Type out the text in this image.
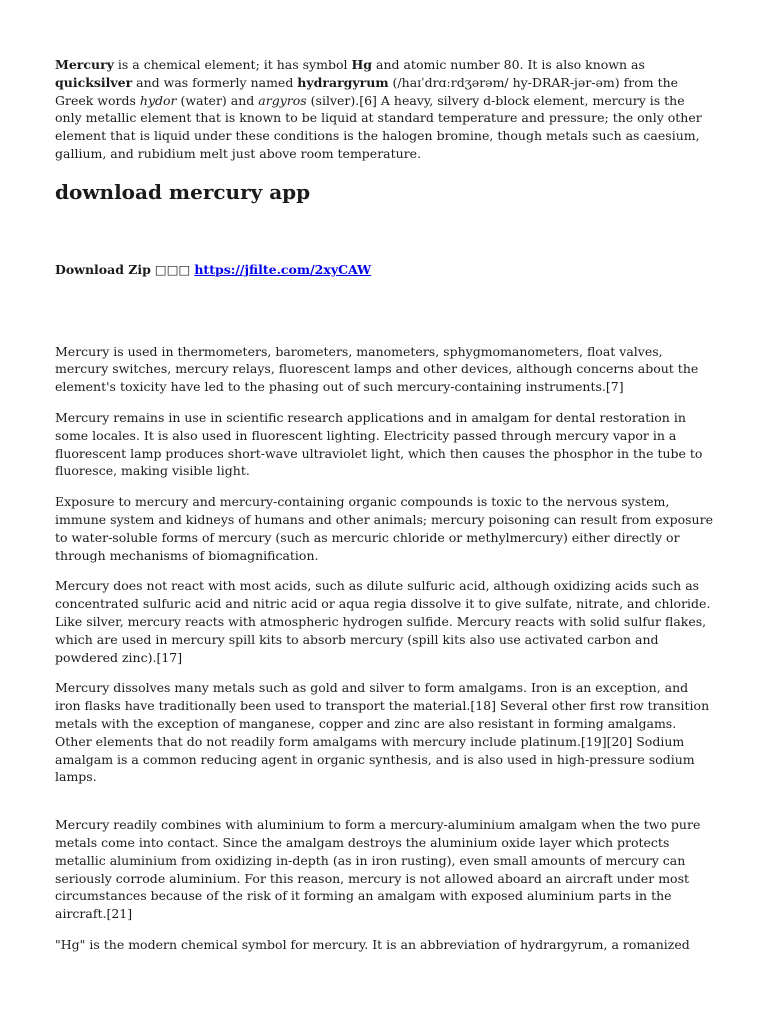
Mercury is a chemical element; it has symbol Hg and atomic number 80. It is also known as quicksilver and was formerly named hydrargyrum (/haɪˈdrɑːrdʒərəm/ hy-DRAR-jər-əm) from the Greek words hydor (water) and argyros (silver).[6] A heavy, silvery d-block element, mercury is the only metallic element that is known to be liquid at standard temperature and pressure; the only other element that is liquid under these conditions is the halogen bromine, though metals such as caesium, gallium, and rubidium melt just above room temperature.

download mercury app
Download Zip □□□ https://jfilte.com/2xyCAW

Mercury is used in thermometers, barometers, manometers, sphygmomanometers, float valves, mercury switches, mercury relays, fluorescent lamps and other devices, although concerns about the element's toxicity have led to the phasing out of such mercury-containing instruments.[7]

Mercury remains in use in scientific research applications and in amalgam for dental restoration in some locales. It is also used in fluorescent lighting. Electricity passed through mercury vapor in a fluorescent lamp produces short-wave ultraviolet light, which then causes the phosphor in the tube to fluoresce, making visible light.

Exposure to mercury and mercury-containing organic compounds is toxic to the nervous system, immune system and kidneys of humans and other animals; mercury poisoning can result from exposure to water-soluble forms of mercury (such as mercuric chloride or methylmercury) either directly or through mechanisms of biomagnification.

Mercury does not react with most acids, such as dilute sulfuric acid, although oxidizing acids such as concentrated sulfuric acid and nitric acid or aqua regia dissolve it to give sulfate, nitrate, and chloride. Like silver, mercury reacts with atmospheric hydrogen sulfide. Mercury reacts with solid sulfur flakes, which are used in mercury spill kits to absorb mercury (spill kits also use activated carbon and powdered zinc).[17]

Mercury dissolves many metals such as gold and silver to form amalgams. Iron is an exception, and iron flasks have traditionally been used to transport the material.[18] Several other first row transition metals with the exception of manganese, copper and zinc are also resistant in forming amalgams. Other elements that do not readily form amalgams with mercury include platinum.[19][20] Sodium amalgam is a common reducing agent in organic synthesis, and is also used in high-pressure sodium lamps.

Mercury readily combines with aluminium to form a mercury-aluminium amalgam when the two pure metals come into contact. Since the amalgam destroys the aluminium oxide layer which protects metallic aluminium from oxidizing in-depth (as in iron rusting), even small amounts of mercury can seriously corrode aluminium. For this reason, mercury is not allowed aboard an aircraft under most circumstances because of the risk of it forming an amalgam with exposed aluminium parts in the aircraft.[21]

"Hg" is the modern chemical symbol for mercury. It is an abbreviation of hydrargyrum, a romanized
